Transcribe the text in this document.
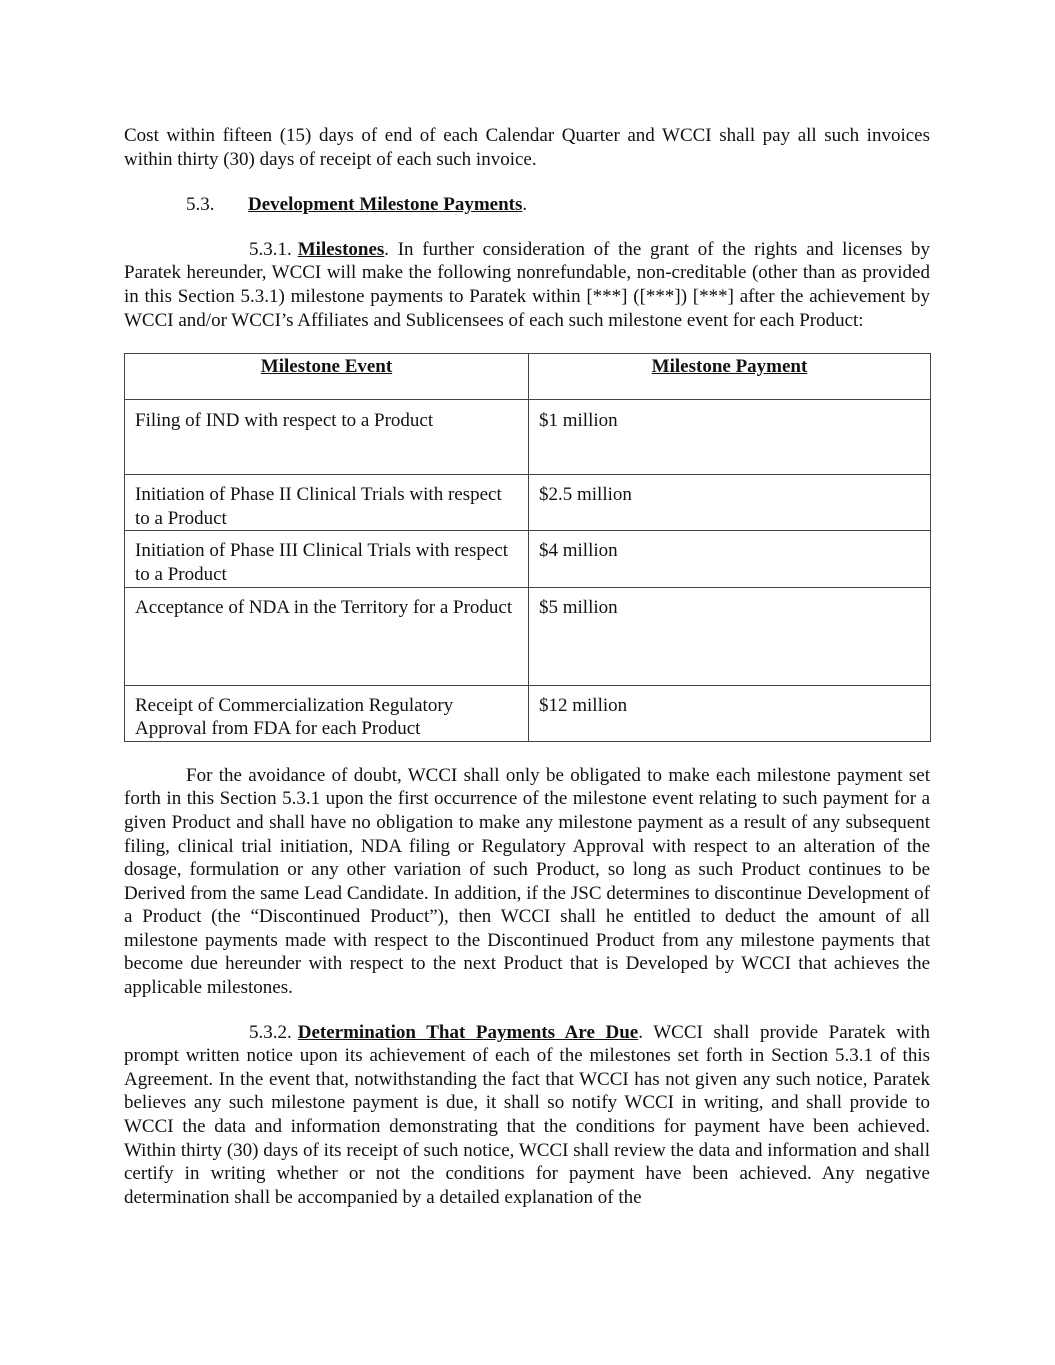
Cost within fifteen (15) days of end of each Calendar Quarter and WCCI shall pay all such invoices within thirty (30) days of receipt of each such invoice.

5.3. Development Milestone Payments.

5.3.1. Milestones. In further consideration of the grant of the rights and licenses by Paratek hereunder, WCCI will make the following nonrefundable, non-creditable (other than as provided in this Section 5.3.1) milestone payments to Paratek within [***] ([***]) [***] after the achievement by WCCI and/or WCCI’s Affiliates and Sublicensees of each such milestone event for each Product:

Milestone Event	Milestone Payment
Filing of IND with respect to a Product	$1 million
Initiation of Phase II Clinical Trials with respect to a Product	$2.5 million
Initiation of Phase III Clinical Trials with respect to a Product	$4 million
Acceptance of NDA in the Territory for a Product	$5 million
Receipt of Commercialization Regulatory Approval from FDA for each Product	$12 million

For the avoidance of doubt, WCCI shall only be obligated to make each milestone payment set forth in this Section 5.3.1 upon the first occurrence of the milestone event relating to such payment for a given Product and shall have no obligation to make any milestone payment as a result of any subsequent filing, clinical trial initiation, NDA filing or Regulatory Approval with respect to an alteration of the dosage, formulation or any other variation of such Product, so long as such Product continues to be Derived from the same Lead Candidate. In addition, if the JSC determines to discontinue Development of a Product (the “Discontinued Product”), then WCCI shall he entitled to deduct the amount of all milestone payments made with respect to the Discontinued Product from any milestone payments that become due hereunder with respect to the next Product that is Developed by WCCI that achieves the applicable milestones.

5.3.2. Determination That Payments Are Due. WCCI shall provide Paratek with prompt written notice upon its achievement of each of the milestones set forth in Section 5.3.1 of this Agreement. In the event that, notwithstanding the fact that WCCI has not given any such notice, Paratek believes any such milestone payment is due, it shall so notify WCCI in writing, and shall provide to WCCI the data and information demonstrating that the conditions for payment have been achieved. Within thirty (30) days of its receipt of such notice, WCCI shall review the data and information and shall certify in writing whether or not the conditions for payment have been achieved. Any negative determination shall be accompanied by a detailed explanation of the
